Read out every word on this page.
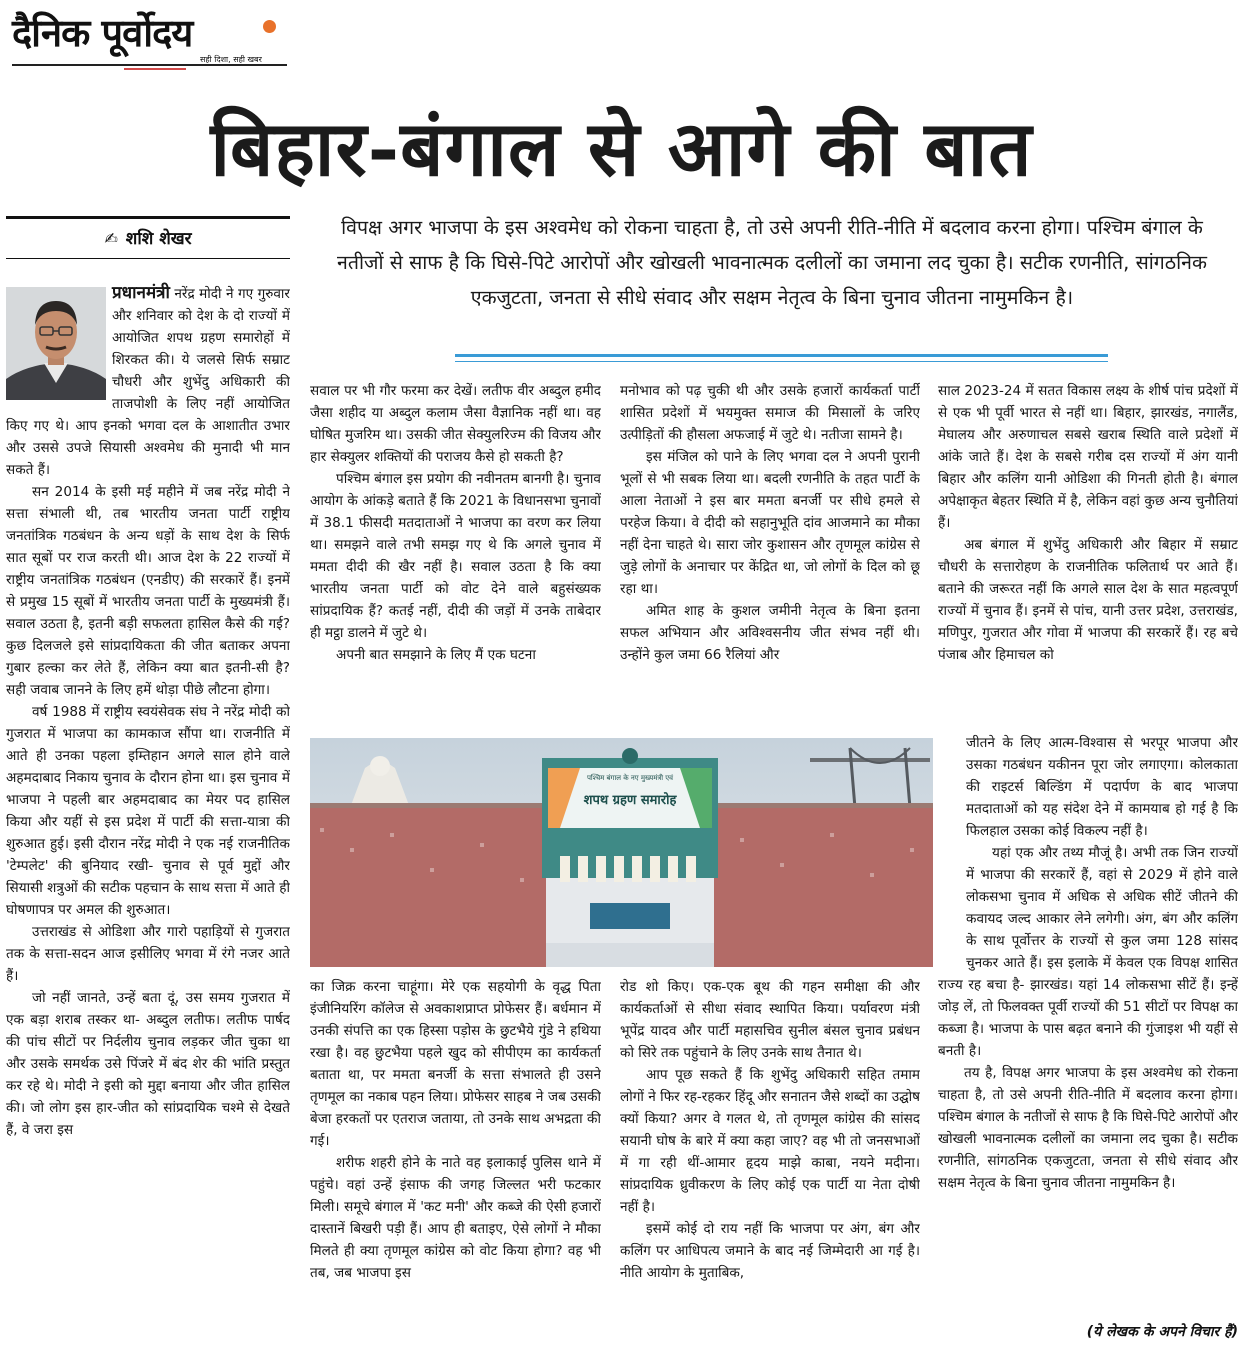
दैनिक पूर्वोदय
सही दिशा, सही खबर
बिहार-बंगाल से आगे की बात
✍ शशि शेखर	विपक्ष अगर भाजपा के इस अश्वमेध को रोकना चाहता है, तो उसे अपनी रीति-नीति में बदलाव करना होगा। पश्चिम बंगाल के नतीजों से साफ है कि घिसे-पिटे आरोपों और खोखली भावनात्मक दलीलों का जमाना लद चुका है। सटीक रणनीति, सांगठनिक एकजुटता, जनता से सीधे संवाद और सक्षम नेतृत्व के बिना चुनाव जीतना नामुमकिन है।

प्रधानमंत्री नरेंद्र मोदी ने गए गुरुवार और शनिवार को देश के दो राज्यों में आयोजित शपथ ग्रहण समारोहों में शिरकत की। ये जलसे सिर्फ सम्राट चौधरी और शुभेंदु अधिकारी की ताजपोशी के लिए नहीं आयोजित किए गए थे। आप इनको भगवा दल के आशातीत उभार और उससे उपजे सियासी अश्वमेध की मुनादी भी मान सकते हैं।

सन 2014 के इसी मई महीने में जब नरेंद्र मोदी ने सत्ता संभाली थी, तब भारतीय जनता पार्टी राष्ट्रीय जनतांत्रिक गठबंधन के अन्य धड़ों के साथ देश के सिर्फ सात सूबों पर राज करती थी। आज देश के 22 राज्यों में राष्ट्रीय जनतांत्रिक गठबंधन (एनडीए) की सरकारें हैं। इनमें से प्रमुख 15 सूबों में भारतीय जनता पार्टी के मुख्यमंत्री हैं। सवाल उठता है, इतनी बड़ी सफलता हासिल कैसे की गई? कुछ दिलजले इसे सांप्रदायिकता की जीत बताकर अपना गुबार हल्का कर लेते हैं, लेकिन क्या बात इतनी-सी है? सही जवाब जानने के लिए हमें थोड़ा पीछे लौटना होगा।

वर्ष 1988 में राष्ट्रीय स्वयंसेवक संघ ने नरेंद्र मोदी को गुजरात में भाजपा का कामकाज सौंपा था। राजनीति में आते ही उनका पहला इम्तिहान अगले साल होने वाले अहमदाबाद निकाय चुनाव के दौरान होना था। इस चुनाव में भाजपा ने पहली बार अहमदाबाद का मेयर पद हासिल किया और यहीं से इस प्रदेश में पार्टी की सत्ता-यात्रा की शुरुआत हुई। इसी दौरान नरेंद्र मोदी ने एक नई राजनीतिक 'टेम्पलेट' की बुनियाद रखी- चुनाव से पूर्व मुद्दों और सियासी शत्रुओं की सटीक पहचान के साथ सत्ता में आते ही घोषणापत्र पर अमल की शुरुआत।

उत्तराखंड से ओडिशा और गारो पहाड़ियों से गुजरात तक के सत्ता-सदन आज इसीलिए भगवा में रंगे नजर आते हैं।

जो नहीं जानते, उन्हें बता दूं, उस समय गुजरात में एक बड़ा शराब तस्कर था- अब्दुल लतीफ। लतीफ पार्षद की पांच सीटों पर निर्दलीय चुनाव लड़कर जीत चुका था और उसके समर्थक उसे पिंजरे में बंद शेर की भांति प्रस्तुत कर रहे थे। मोदी ने इसी को मुद्दा बनाया और जीत हासिल की। जो लोग इस हार-जीत को सांप्रदायिक चश्मे से देखते हैं, वे जरा इस

सवाल पर भी गौर फरमा कर देखें। लतीफ वीर अब्दुल हमीद जैसा शहीद या अब्दुल कलाम जैसा वैज्ञानिक नहीं था। वह घोषित मुजरिम था। उसकी जीत सेक्युलरिज्म की विजय और हार सेक्युलर शक्तियों की पराजय कैसे हो सकती है?

पश्चिम बंगाल इस प्रयोग की नवीनतम बानगी है। चुनाव आयोग के आंकड़े बताते हैं कि 2021 के विधानसभा चुनावों में 38.1 फीसदी मतदाताओं ने भाजपा का वरण कर लिया था। समझने वाले तभी समझ गए थे कि अगले चुनाव में ममता दीदी की खैर नहीं है। सवाल उठता है कि क्या भारतीय जनता पार्टी को वोट देने वाले बहुसंख्यक सांप्रदायिक हैं? कतई नहीं, दीदी की जड़ों में उनके ताबेदार ही मट्ठा डालने में जुटे थे।

अपनी बात समझाने के लिए मैं एक घटना

मनोभाव को पढ़ चुकी थी और उसके हजारों कार्यकर्ता पार्टी शासित प्रदेशों में भयमुक्त समाज की मिसालों के जरिए उत्पीड़ितों की हौसला अफजाई में जुटे थे। नतीजा सामने है।

इस मंजिल को पाने के लिए भगवा दल ने अपनी पुरानी भूलों से भी सबक लिया था। बदली रणनीति के तहत पार्टी के आला नेताओं ने इस बार ममता बनर्जी पर सीधे हमले से परहेज किया। वे दीदी को सहानुभूति दांव आजमाने का मौका नहीं देना चाहते थे। सारा जोर कुशासन और तृणमूल कांग्रेस से जुड़े लोगों के अनाचार पर केंद्रित था, जो लोगों के दिल को छू रहा था।

अमित शाह के कुशल जमीनी नेतृत्व के बिना इतना सफल अभियान और अविश्वसनीय जीत संभव नहीं थी। उन्होंने कुल जमा 66 रैलियां और

साल 2023-24 में सतत विकास लक्ष्य के शीर्ष पांच प्रदेशों में से एक भी पूर्वी भारत से नहीं था। बिहार, झारखंड, नगालैंड, मेघालय और अरुणाचल सबसे खराब स्थिति वाले प्रदेशों में आंके जाते हैं। देश के सबसे गरीब दस राज्यों में अंग यानी बिहार और कलिंग यानी ओडिशा की गिनती होती है। बंगाल अपेक्षाकृत बेहतर स्थिति में है, लेकिन वहां कुछ अन्य चुनौतियां हैं।

अब बंगाल में शुभेंदु अधिकारी और बिहार में सम्राट चौधरी के सत्तारोहण के राजनीतिक फलितार्थ पर आते हैं। बताने की जरूरत नहीं कि अगले साल देश के सात महत्वपूर्ण राज्यों में चुनाव हैं। इनमें से पांच, यानी उत्तर प्रदेश, उत्तराखंड, मणिपुर, गुजरात और गोवा में भाजपा की सरकारें हैं। रह बचे पंजाब और हिमाचल को

पश्चिम बंगाल के नए मुख्यमंत्री एवं
शपथ ग्रहण समारोह

जीतने के लिए आत्म-विश्वास से भरपूर भाजपा और उसका गठबंधन यकीनन पूरा जोर लगाएगा। कोलकाता की राइटर्स बिल्डिंग में पदार्पण के बाद भाजपा मतदाताओं को यह संदेश देने में कामयाब हो गई है कि फिलहाल उसका कोई विकल्प नहीं है।

यहां एक और तथ्य मौजूं है। अभी तक जिन राज्यों में भाजपा की सरकारें हैं, वहां से 2029 में होने वाले लोकसभा चुनाव में अधिक से अधिक सीटें जीतने की कवायद जल्द आकार लेने लगेगी। अंग, बंग और कलिंग के साथ पूर्वोत्तर के राज्यों से कुल जमा 128 सांसद चुनकर आते हैं। इस इलाके में केवल एक विपक्ष शासित राज्य रह बचा है- झारखंड। यहां 14 लोकसभा सीटें हैं। इन्हें जोड़ लें, तो फिलवक्त पूर्वी राज्यों की 51 सीटों पर विपक्ष का कब्जा है। भाजपा के पास बढ़त बनाने की गुंजाइश भी यहीं से बनती है।

तय है, विपक्ष अगर भाजपा के इस अश्वमेध को रोकना चाहता है, तो उसे अपनी रीति-नीति में बदलाव करना होगा। पश्चिम बंगाल के नतीजों से साफ है कि घिसे-पिटे आरोपों और खोखली भावनात्मक दलीलों का जमाना लद चुका है। सटीक रणनीति, सांगठनिक एकजुटता, जनता से सीधे संवाद और सक्षम नेतृत्व के बिना चुनाव जीतना नामुमकिन है।

का जिक्र करना चाहूंगा। मेरे एक सहयोगी के वृद्ध पिता इंजीनियरिंग कॉलेज से अवकाशप्राप्त प्रोफेसर हैं। बर्धमान में उनकी संपत्ति का एक हिस्सा पड़ोस के छुटभैये गुंडे ने हथिया रखा है। वह छुटभैया पहले खुद को सीपीएम का कार्यकर्ता बताता था, पर ममता बनर्जी के सत्ता संभालते ही उसने तृणमूल का नकाब पहन लिया। प्रोफेसर साहब ने जब उसकी बेजा हरकतों पर एतराज जताया, तो उनके साथ अभद्रता की गई।

शरीफ शहरी होने के नाते वह इलाकाई पुलिस थाने में पहुंचे। वहां उन्हें इंसाफ की जगह जिल्लत भरी फटकार मिली। समूचे बंगाल में 'कट मनी' और कब्जे की ऐसी हजारों दास्तानें बिखरी पड़ी हैं। आप ही बताइए, ऐसे लोगों ने मौका मिलते ही क्या तृणमूल कांग्रेस को वोट किया होगा? वह भी तब, जब भाजपा इस

रोड शो किए। एक-एक बूथ की गहन समीक्षा की और कार्यकर्ताओं से सीधा संवाद स्थापित किया। पर्यावरण मंत्री भूपेंद्र यादव और पार्टी महासचिव सुनील बंसल चुनाव प्रबंधन को सिरे तक पहुंचाने के लिए उनके साथ तैनात थे।

आप पूछ सकते हैं कि शुभेंदु अधिकारी सहित तमाम लोगों ने फिर रह-रहकर हिंदू और सनातन जैसे शब्दों का उद्घोष क्यों किया? अगर वे गलत थे, तो तृणमूल कांग्रेस की सांसद सयानी घोष के बारे में क्या कहा जाए? वह भी तो जनसभाओं में गा रही थीं-आमार हृदय माझे काबा, नयने मदीना। सांप्रदायिक ध्रुवीकरण के लिए कोई एक पार्टी या नेता दोषी नहीं है।

इसमें कोई दो राय नहीं कि भाजपा पर अंग, बंग और कलिंग पर आधिपत्य जमाने के बाद नई जिम्मेदारी आ गई है। नीति आयोग के मुताबिक,

(ये लेखक के अपने विचार हैं)
